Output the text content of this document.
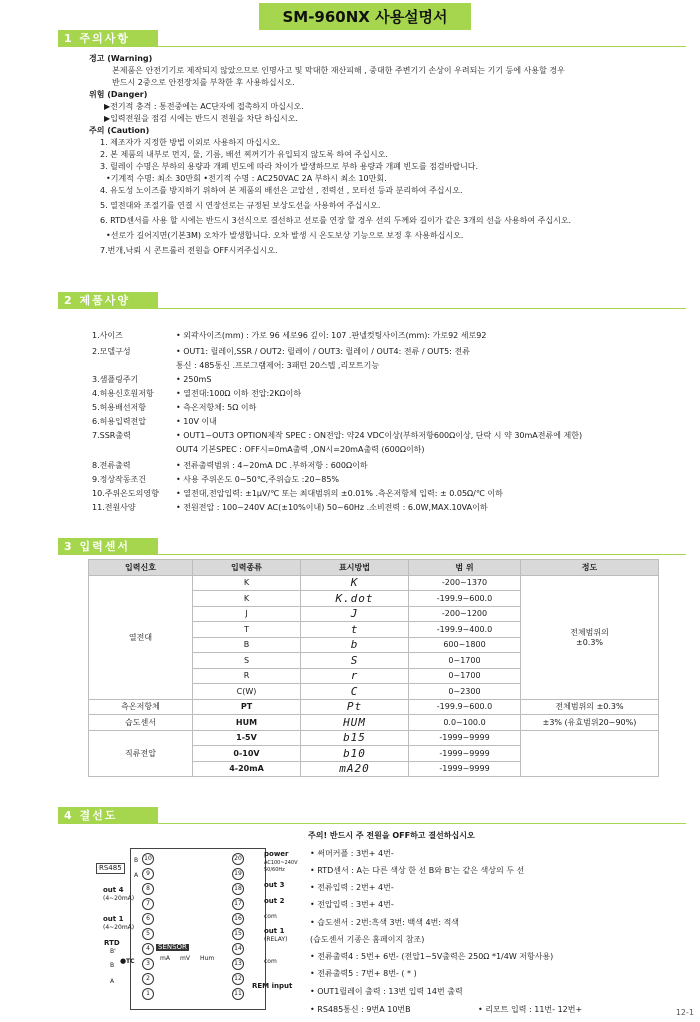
SM-960NX 사용설명서
1 주의사항
경고 (Warning)
본제품은 안전기기로 제작되지 않았으므로 인명사고 및 막대한 재산피해 , 중대한 주변기기 손상이 우려되는 기기 등에 사용할 경우
반드시 2중으로 안전장치를 부착한 후 사용하십시오.
위험 (Danger)
▶전기적 충격 : 통전중에는 AC단자에 접촉하지 마십시오.
▶입력전원을 점검 시에는 반드시 전원을 차단 하십시오.
주의 (Caution)
1. 제조자가 지정한 방법 이외로 사용하지 마십시오.
2. 본 제품의 내부로 먼지, 물, 기름, 배선 찌꺼기가 유입되지 않도록 하여 주십시오.
3. 릴레이 수명은 부하의 용량과 개폐 빈도에 따라 차이가 발생하므로 부하 용량과 개폐 빈도를 점검바랍니다.
•기계적 수명: 최소 30만회 •전기적 수명 : AC250VAC 2A 부하시 최소 10만회.
4. 유도성 노이즈를 방지하기 위하여 본 제품의 배선은 고압선 , 전력선 , 모터선 등과 분리하여 주십시오.
5. 열전대와 조절기를 연결 시 연장선로는 규정된 보상도선을 사용하여 주십시오.
6. RTD센서를 사용 할 시에는 반드시 3선식으로 결선하고 선로를 연장 할 경우 선의 두께와 길이가 같은 3개의 선을 사용하여 주십시오.
•선로가 길어지면(기본3M) 오차가 발생합니다. 오차 발생 시 온도보상 기능으로 보정 후 사용하십시오.
7.번개,낙뢰 시 콘트롤러 전원을 OFF시켜주십시오.
2 제품사양
1.사이즈	• 외곽사이즈(mm) : 가로 96 세로96 깊이: 107 .판넬컷팅사이즈(mm): 가로92 세로92
2.모델구성	• OUT1: 릴레이,SSR / OUT2: 릴레이 / OUT3: 릴레이 / OUT4: 전류 / OUT5: 전류
통신 : 485통신 .프로그램제어: 3패턴 20스텝 ,리모트기능
3.샘플링주기	• 250mS
4.허용신호원저항	• 열전대:100Ω 이하 전압:2KΩ이하
5.허용배선저항	• 측온저항체: 5Ω 이하
6.허용입력전압	• 10V 이내
7.SSR출력	• OUT1~OUT3 OPTION제작 SPEC : ON전압: 약24 VDC이상(부하저항600Ω이상, 단락 시 약 30mA전류에 제한)
OUT4 기본SPEC : OFF시=0mA출력 ,ON시=20mA출력 (600Ω이하)
8.전류출력	• 전류출력범위 : 4~20mA DC .부하저항 : 600Ω이하
9.정상작동조건	• 사용 주위온도 0~50℃,주위습도 :20~85%
10.주위온도의영향 • 열전대,전압입력: ±1μV/℃ 또는 최대범위의 ±0.01% .측온저항체 입력: ± 0.05Ω/℃ 이하
11.전원사양	• 전원전압 : 100~240V AC(±10%이내) 50~60Hz .소비전력 : 6.0W,MAX.10VA이하
3 입력센서
입력신호	입력종류	표시방법	범 위	정도
열전대	K	K	-200~1370	전체범위의
±0.3%
	K	K.dot	-199.9~600.0	
	J	J	-200~1200	
	T	t	-199.9~400.0	
	B	b	600~1800	
	S	S	0~1700	
	R	r	0~1700	
	C(W)	C	0~2300	
측온저항체	PT	Pt	-199.9~600.0	전체범위의 ±0.3%
습도센서	HUM	HUM	0.0~100.0	±3% (유효범위20~90%)
직류전압	1-5V	b15	-1999~9999	
	0-10V	b10	-1999~9999	
	4-20mA	mA20	-1999~9999	
4 결선도
10
9
8
7
6
5
4
3
2
1
20
19
18
17
16
15
14
13
12
11
RS485
B
A
out 4
(4~20mA)
out 1
(4~20mA)
RTD
B'
B
A
● TC
SENSOR
mA mV Hum
power
AC100~240V 50/60Hz
out 3
out 2
com
out 1
(RELAY)
com
REM input
주의! 반드시 주 전원을 OFF하고 결선하십시오
• 써머커플 : 3번+ 4번-
• RTD센서 : A는 다른 색상 한 선 B와 B'는 같은 색상의 두 선
• 전류입력 : 2번+ 4번-
• 전압입력 : 3번+ 4번-
• 습도센서 : 2번:흑색 3번: 백색 4번: 적색
(습도센서 기종은 홈페이지 참조)
• 전류출력4 : 5번+ 6번- (전압1~5V출력은 250Ω *1/4W 저항사용)
• 전류출력5 : 7번+ 8번- ( * )
• OUT1릴레이 출력 : 13번 입력 14번 출력
• RS485통신 : 9번A 10번B	• 리모트 입력 : 11번- 12번+	12-1
